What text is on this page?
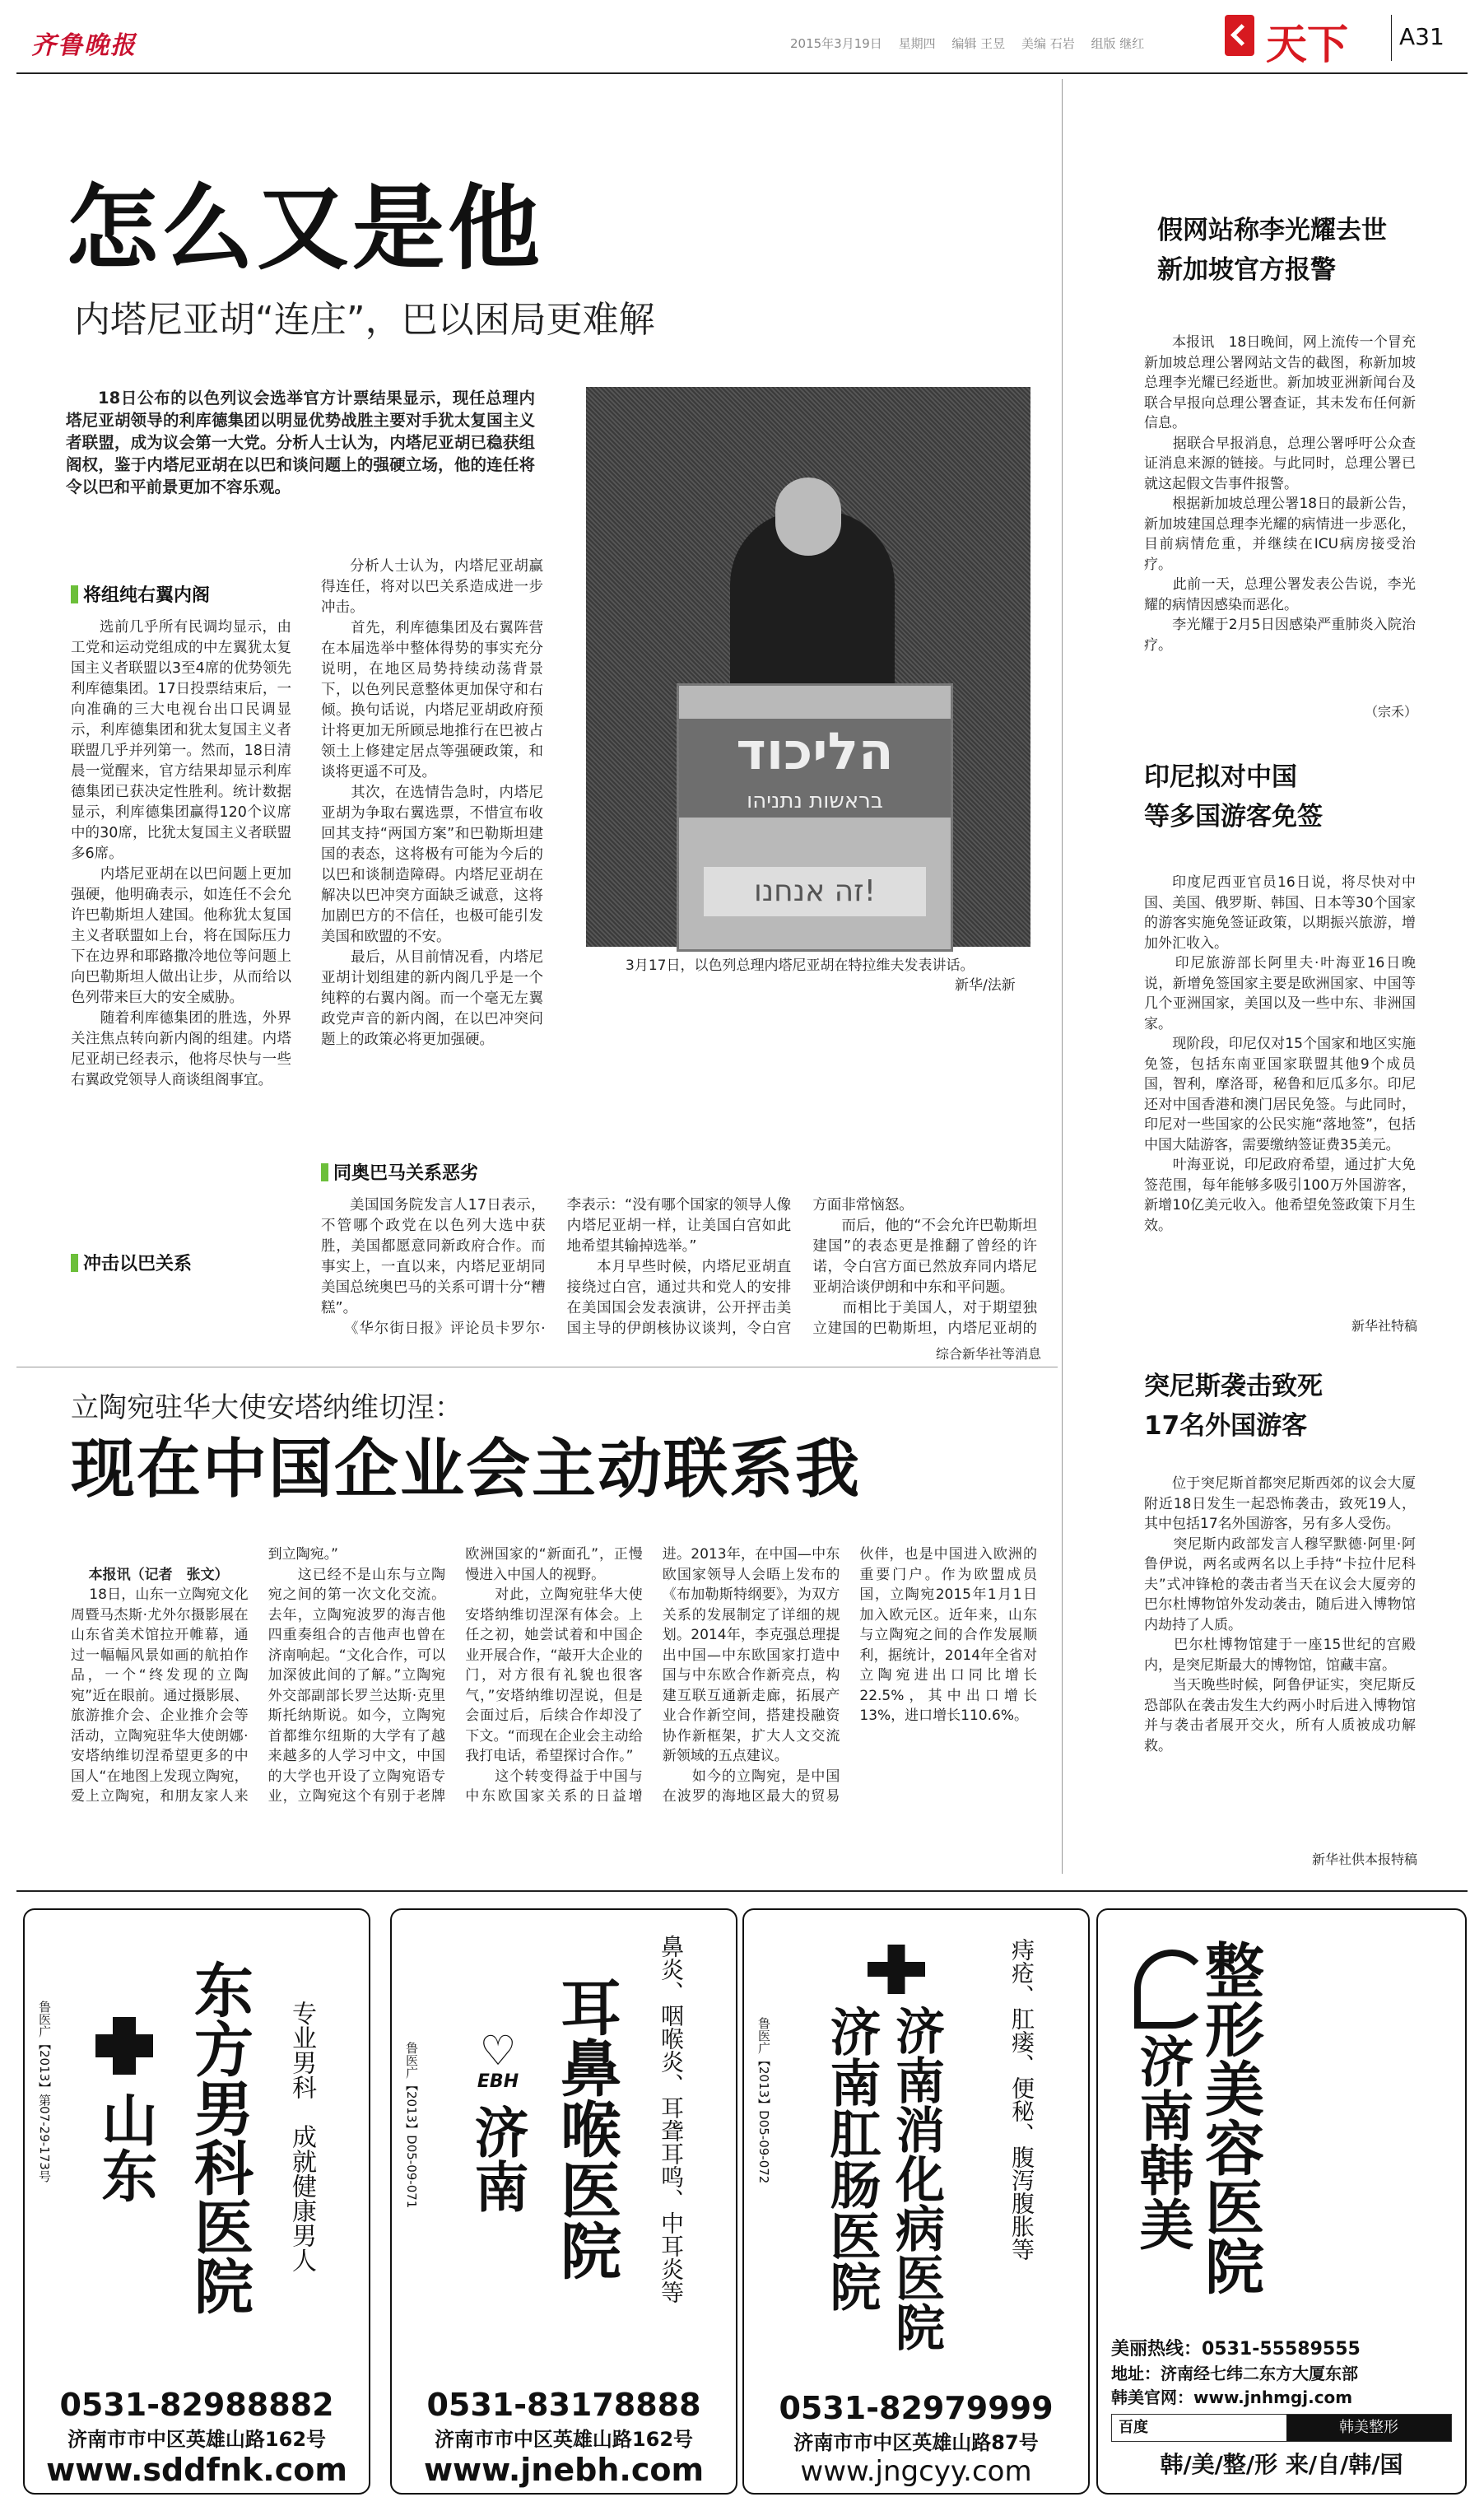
齐鲁晚报	2015年3月19日　 星期四　 编辑 王昱　 美编 石岩　 组版 继红	天下 A31
怎么又是他
内塔尼亚胡“连庄”，巴以困局更难解
18日公布的以色列议会选举官方计票结果显示，现任总理内塔尼亚胡领导的利库德集团以明显优势战胜主要对手犹太复国主义者联盟，成为议会第一大党。分析人士认为，内塔尼亚胡已稳获组阁权，鉴于内塔尼亚胡在以巴和谈问题上的强硬立场，他的连任将令以巴和平前景更加不容乐观。
הליכוד
בראשות נתניהו
זה אנחנו!
3月17日，以色列总理内塔尼亚胡在特拉维夫发表讲话。
新华/法新
将组纯右翼内阁
选前几乎所有民调均显示，由工党和运动党组成的中左翼犹太复国主义者联盟以3至4席的优势领先利库德集团。17日投票结束后，一向准确的三大电视台出口民调显示，利库德集团和犹太复国主义者联盟几乎并列第一。然而，18日清晨一觉醒来，官方结果却显示利库德集团已获决定性胜利。统计数据显示，利库德集团赢得120个议席中的30席，比犹太复国主义者联盟多6席。
　　内塔尼亚胡在以巴问题上更加强硬，他明确表示，如连任不会允许巴勒斯坦人建国。他称犹太复国主义者联盟如上台，将在国际压力下在边界和耶路撒冷地位等问题上向巴勒斯坦人做出让步，从而给以色列带来巨大的安全威胁。
　　随着利库德集团的胜选，外界关注焦点转向新内阁的组建。内塔尼亚胡已经表示，他将尽快与一些右翼政党领导人商谈组阁事宜。
冲击以巴关系
分析人士认为，内塔尼亚胡赢得连任，将对以巴关系造成进一步冲击。
　　首先，利库德集团及右翼阵营在本届选举中整体得势的事实充分说明，在地区局势持续动荡背景下，以色列民意整体更加保守和右倾。换句话说，内塔尼亚胡政府预计将更加无所顾忌地推行在巴被占领土上修建定居点等强硬政策，和谈将更遥不可及。
　　其次，在选情告急时，内塔尼亚胡为争取右翼选票，不惜宣布收回其支持“两国方案”和巴勒斯坦建国的表态，这将极有可能为今后的以巴和谈制造障碍。内塔尼亚胡在解决以巴冲突方面缺乏诚意，这将加剧巴方的不信任，也极可能引发美国和欧盟的不安。
　　最后，从目前情况看，内塔尼亚胡计划组建的新内阁几乎是一个纯粹的右翼内阁。而一个毫无左翼政党声音的新内阁，在以巴冲突问题上的政策必将更加强硬。
同奥巴马关系恶劣
美国国务院发言人17日表示，不管哪个政党在以色列大选中获胜，美国都愿意同新政府合作。而事实上，一直以来，内塔尼亚胡同美国总统奥巴马的关系可谓十分“糟糕”。
　　《华尔街日报》评论员卡罗尔·李表示：“没有哪个国家的领导人像内塔尼亚胡一样，让美国白宫如此地希望其输掉选举。”
　　本月早些时候，内塔尼亚胡直接绕过白宫，通过共和党人的安排在美国国会发表演讲，公开抨击美国主导的伊朗核协议谈判，令白宫方面非常恼怒。
　　而后，他的“不会允许巴勒斯坦建国”的表态更是推翻了曾经的许诺，令白宫方面已然放弃同内塔尼亚胡洽谈伊朗和中东和平问题。
　　而相比于美国人，对于期望独立建国的巴勒斯坦，内塔尼亚胡的
综合新华社等消息
立陶宛驻华大使安塔纳维切涅：
现在中国企业会主动联系我

本报讯（记者　张文）
18日，山东一立陶宛文化周暨马杰斯·尤外尔摄影展在山东省美术馆拉开帷幕，通过一幅幅风景如画的航拍作品，一个“终发现的立陶宛”近在眼前。通过摄影展、旅游推介会、企业推介会等活动，立陶宛驻华大使朗娜·安塔纳维切涅希望更多的中国人“在地图上发现立陶宛，爱上立陶宛，和朋友家人来到立陶宛。”
　　这已经不是山东与立陶宛之间的第一次文化交流。去年，立陶宛波罗的海吉他四重奏组合的吉他声也曾在济南响起。“文化合作，可以加深彼此间的了解。”立陶宛外交部副部长罗兰达斯·克里斯托纳斯说。如今，立陶宛首都维尔纽斯的大学有了越来越多的人学习中文，中国的大学也开设了立陶宛语专业，立陶宛这个有别于老牌欧洲国家的“新面孔”，正慢慢进入中国人的视野。
　　对此，立陶宛驻华大使安塔纳维切涅深有体会。上任之初，她尝试着和中国企业开展合作，“敲开大企业的门，对方很有礼貌也很客气，”安塔纳维切涅说，但是会面过后，后续合作却没了下文。“而现在企业会主动给我打电话，希望探讨合作。”
　　这个转变得益于中国与中东欧国家关系的日益增进。2013年，在中国—中东欧国家领导人会晤上发布的《布加勒斯特纲要》，为双方关系的发展制定了详细的规划。2014年，李克强总理提出中国—中东欧国家打造中国与中东欧合作新亮点，构建互联互通新走廊，拓展产业合作新空间，搭建投融资协作新框架，扩大人文交流新领域的五点建议。
　　如今的立陶宛，是中国在波罗的海地区最大的贸易伙伴，也是中国进入欧洲的重要门户。作为欧盟成员国，立陶宛2015年1月1日加入欧元区。近年来，山东与立陶宛之间的合作发展顺利，据统计，2014年全省对立陶宛进出口同比增长22.5%，其中出口增长13%，进口增长110.6%。

假网站称李光耀去世
新加坡官方报警
本报讯　18日晚间，网上流传一个冒充新加坡总理公署网站文告的截图，称新加坡总理李光耀已经逝世。新加坡亚洲新闻台及联合早报向总理公署查证，其未发布任何新信息。
　　据联合早报消息，总理公署呼吁公众查证消息来源的链接。与此同时，总理公署已就这起假文告事件报警。
　　根据新加坡总理公署18日的最新公告，新加坡建国总理李光耀的病情进一步恶化，目前病情危重，并继续在ICU病房接受治疗。
　　此前一天，总理公署发表公告说，李光耀的病情因感染而恶化。
　　李光耀于2月5日因感染严重肺炎入院治疗。
（宗禾）
印尼拟对中国
等多国游客免签
印度尼西亚官员16日说，将尽快对中国、美国、俄罗斯、韩国、日本等30个国家的游客实施免签证政策，以期振兴旅游，增加外汇收入。
　　印尼旅游部长阿里夫·叶海亚16日晚说，新增免签国家主要是欧洲国家、中国等几个亚洲国家，美国以及一些中东、非洲国家。
　　现阶段，印尼仅对15个国家和地区实施免签，包括东南亚国家联盟其他9个成员国，智利，摩洛哥，秘鲁和厄瓜多尔。印尼还对中国香港和澳门居民免签。与此同时，印尼对一些国家的公民实施“落地签”，包括中国大陆游客，需要缴纳签证费35美元。
　　叶海亚说，印尼政府希望，通过扩大免签范围，每年能够多吸引100万外国游客，新增10亿美元收入。他希望免签政策下月生效。
新华社特稿
突尼斯袭击致死
17名外国游客
位于突尼斯首都突尼斯西郊的议会大厦附近18日发生一起恐怖袭击，致死19人，其中包括17名外国游客，另有多人受伤。
　　突尼斯内政部发言人穆罕默德·阿里·阿鲁伊说，两名或两名以上手持“卡拉什尼科夫”式冲锋枪的袭击者当天在议会大厦旁的巴尔杜博物馆外发动袭击，随后进入博物馆内劫持了人质。
　　巴尔杜博物馆建于一座15世纪的宫殿内，是突尼斯最大的博物馆，馆藏丰富。
　　当天晚些时候，阿鲁伊证实，突尼斯反恐部队在袭击发生大约两小时后进入博物馆并与袭击者展开交火，所有人质被成功解救。
新华社供本报特稿
鲁医广【2013】第07-29-173号 山东 东方男科医院 专业男科　成就健康男人
0531-82988882
济南市市中区英雄山路162号
www.sddfnk.com
鲁医广【2013】D05-09-071	♡
EBH
济南 耳鼻喉医院 鼻炎、咽喉炎、耳聋耳鸣、中耳炎等
0531-83178888
济南市市中区英雄山路162号
www.jnebh.com
鲁医广【2013】D05-09-072 济南肛肠医院 济南消化病医院	痔疮、肛瘘、便秘、腹泻腹胀等
0531-82979999
济南市市中区英雄山路87号
www.jngcyy.com
济南韩美 整形美容医院
美丽热线：0531-55589555
地址：济南经七纬二东方大厦东部
韩美官网：www.jnhmgj.com
百度	韩美整形
韩/美/整/形 来/自/韩/国
